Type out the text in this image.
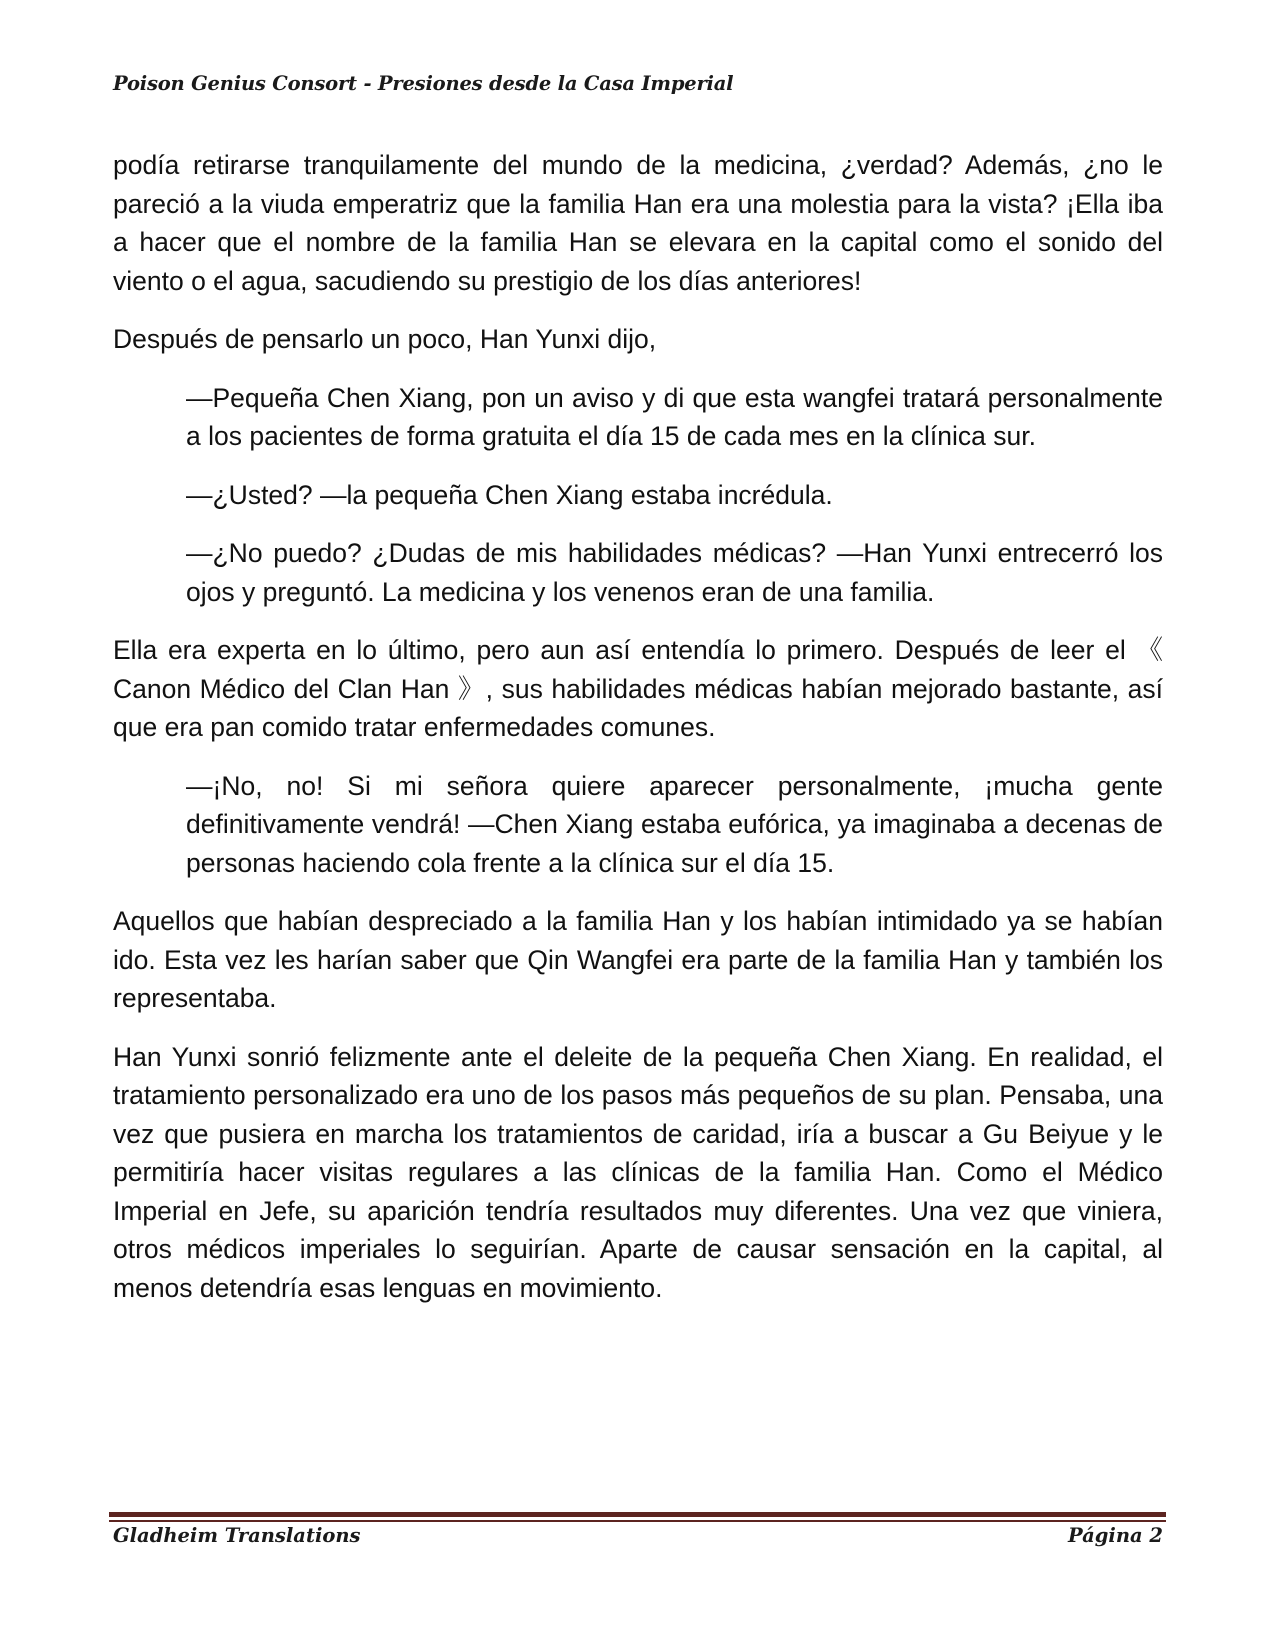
Poison Genius Consort - Presiones desde la Casa Imperial

podía retirarse tranquilamente del mundo de la medicina, ¿verdad? Además, ¿no le pareció a la viuda emperatriz que la familia Han era una molestia para la vista? ¡Ella iba a hacer que el nombre de la familia Han se elevara en la capital como el sonido del viento o el agua, sacudiendo su prestigio de los días anteriores!

Después de pensarlo un poco, Han Yunxi dijo,

—Pequeña Chen Xiang, pon un aviso y di que esta wangfei tratará personalmente a los pacientes de forma gratuita el día 15 de cada mes en la clínica sur.

—¿Usted? —la pequeña Chen Xiang estaba incrédula.

—¿No puedo? ¿Dudas de mis habilidades médicas? —Han Yunxi entrecerró los ojos y preguntó. La medicina y los venenos eran de una familia.

Ella era experta en lo último, pero aun así entendía lo primero. Después de leer el 《 Canon Médico del Clan Han 》, sus habilidades médicas habían mejorado bastante, así que era pan comido tratar enfermedades comunes.

—¡No, no! Si mi señora quiere aparecer personalmente, ¡mucha gente definitivamente vendrá! —Chen Xiang estaba eufórica, ya imaginaba a decenas de personas haciendo cola frente a la clínica sur el día 15.

Aquellos que habían despreciado a la familia Han y los habían intimidado ya se habían ido. Esta vez les harían saber que Qin Wangfei era parte de la familia Han y también los representaba.

Han Yunxi sonrió felizmente ante el deleite de la pequeña Chen Xiang. En realidad, el tratamiento personalizado era uno de los pasos más pequeños de su plan. Pensaba, una vez que pusiera en marcha los tratamientos de caridad, iría a buscar a Gu Beiyue y le permitiría hacer visitas regulares a las clínicas de la familia Han. Como el Médico Imperial en Jefe, su aparición tendría resultados muy diferentes. Una vez que viniera, otros médicos imperiales lo seguirían. Aparte de causar sensación en la capital, al menos detendría esas lenguas en movimiento.

Gladheim Translations	Página 2
